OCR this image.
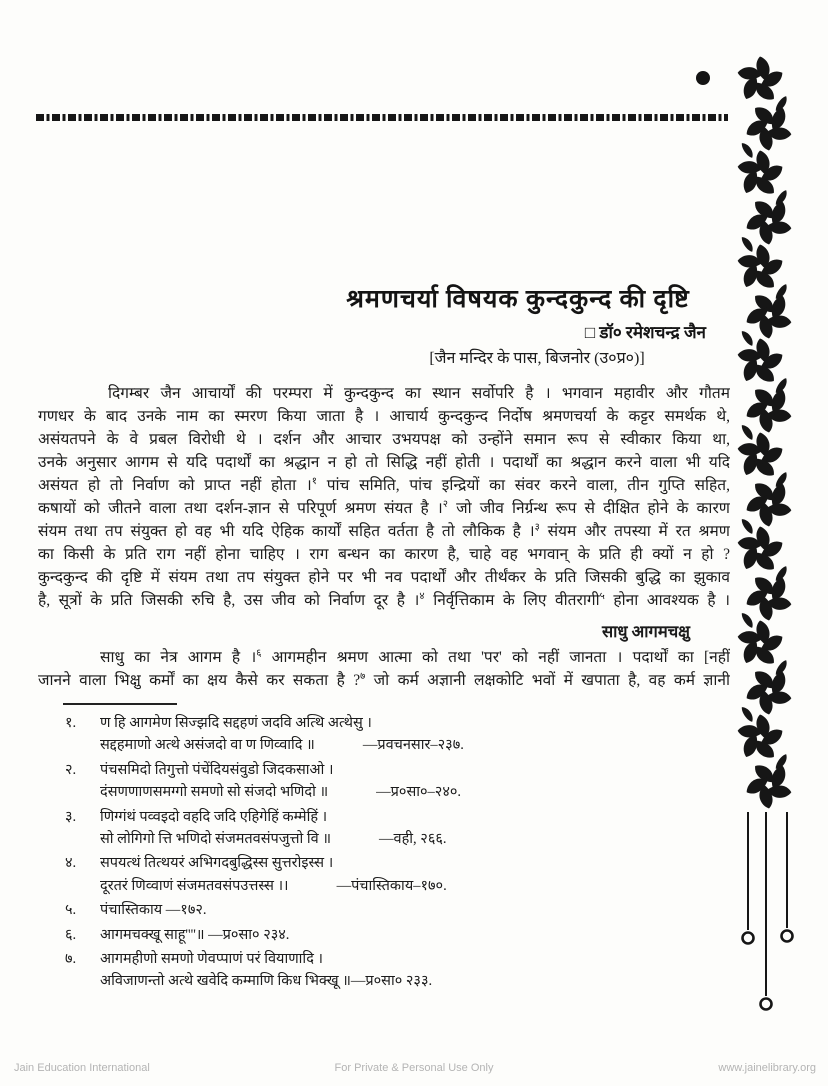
श्रमणचर्या विषयक कुन्दकुन्द की दृष्टि
□ डॉ० रमेशचन्द्र जैन
[जैन मन्दिर के पास, बिजनोर (उ०प्र०)]
दिगम्बर जैन आचार्यों की परम्परा में कुन्दकुन्द का स्थान सर्वोपरि है । भगवान महावीर और गौतम
गणधर के बाद उनके नाम का स्मरण किया जाता है । आचार्य कुन्दकुन्द निर्दोष श्रमणचर्या के कट्टर समर्थक थे,
असंयतपने के वे प्रबल विरोधी थे । दर्शन और आचार उभयपक्ष को उन्होंने समान रूप से स्वीकार किया था,
उनके अनुसार आगम से यदि पदार्थों का श्रद्धान न हो तो सिद्धि नहीं होती । पदार्थों का श्रद्धान करने वाला भी यदि
असंयत हो तो निर्वाण को प्राप्त नहीं होता ।$^१$ पांच समिति, पांच इन्द्रियों का संवर करने वाला, तीन गुप्ति सहित,
कषायों को जीतने वाला तथा दर्शन-ज्ञान से परिपूर्ण श्रमण संयत है ।$^२$ जो जीव निर्ग्रन्थ रूप से दीक्षित होने के कारण
संयम तथा तप संयुक्त हो वह भी यदि ऐहिक कार्यों सहित वर्तता है तो लौकिक है ।$^३$ संयम और तपस्या में रत श्रमण
का किसी के प्रति राग नहीं होना चाहिए । राग बन्धन का कारण है, चाहे वह भगवान् के प्रति ही क्यों न हो ?
कुन्दकुन्द की दृष्टि में संयम तथा तप संयुक्त होने पर भी नव पदार्थों और तीर्थंकर के प्रति जिसकी बुद्धि का झुकाव
है, सूत्रों के प्रति जिसकी रुचि है, उस जीव को निर्वाण दूर है ।$^४$ निर्वृत्तिकाम के लिए वीतरागी$^५$ होना आवश्यक है ।
साधु आगमचक्षु
साधु का नेत्र आगम है ।$^६$ आगमहीन श्रमण आत्मा को तथा 'पर' को नहीं जानता । पदार्थों का [नहीं
जानने वाला भिक्षु कर्मों का क्षय कैसे कर सकता है ?$^७$ जो कर्म अज्ञानी लक्षकोटि भवों में खपाता है, वह कर्म ज्ञानी
१.	ण हि आगमेण सिज्झदि सद्दहणं जदवि अत्थि अत्थेसु ।
सद्दहमाणो अत्थे असंजदो वा ण णिव्वादि ॥	—प्रवचनसार–२३७.
२.	पंचसमिदो तिगुत्तो पंचेंदियसंवुडो जिदकसाओ ।
दंसणणाणसमग्गो समणो सो संजदो भणिदो ॥	—प्र०सा०–२४०.
३.	णिग्गंथं पव्वइदो वहदि जदि एहिगेहिं कम्मेहिं ।
सो लोगिगो त्ति भणिदो संजमतवसंपजुत्तो वि ॥	—वही, २६६.
४.	सपयत्थं तित्थयरं अभिगदबुद्धिस्स सुत्तरोइस्स ।
दूरतरं णिव्वाणं संजमतवसंपउत्तस्स ।।	—पंचास्तिकाय–१७०.
५.	पंचास्तिकाय —१७२.
६.	आगमचक्खू साहू''''॥ —प्र०सा० २३४.
७.	आगमहीणो समणो णेवप्पाणं परं वियाणादि ।
अविजाणन्तो अत्थे खवेदि कम्माणि किध भिक्खू ॥—प्र०सा० २३३.
Jain Education International	For Private & Personal Use Only	www.jainelibrary.org
